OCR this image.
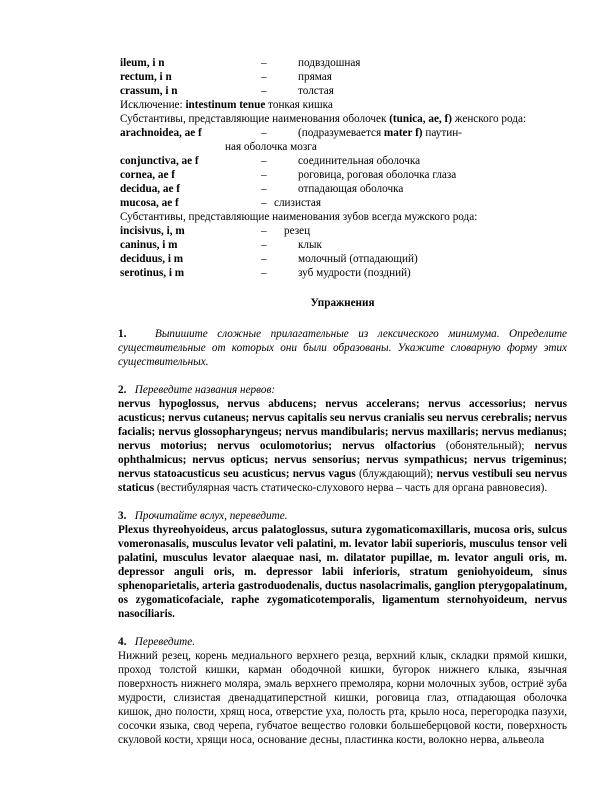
ileum, i n	–	подвздошная
rectum, i n	–	прямая
crassum, i n	–	толстая
Исключение: intestinum tenue тонкая кишка
Субстантивы, представляющие наименования оболочек (tunica, ae, f) женского рода:
arachnoidea, ae f	–	(подразумевается mater f) паутин-
ная оболочка мозга
conjunctiva, ae f	–	соединительная оболочка
cornea, ae f	–	роговица, роговая оболочка глаза
decidua, ae f	–	отпадающая оболочка
mucosa, ae f	– слизистая
Субстантивы, представляющие наименования зубов всегда мужского рода:
incisivus, i, m	–	резец
caninus, i m	–	клык
deciduus, i m	–	молочный (отпадающий)
serotinus, i m	–	зуб мудрости (поздний)
Упражнения
1.	Выпишите сложные прилагательные из лексического минимума. Определите существительные от которых они были образованы. Укажите словарную форму этих существительных.
2. Переведите названия нервов:
nervus hypoglossus, nervus abducens; nervus accelerans; nervus accessorius; nervus acusticus; nervus cutaneus; nervus capitalis seu nervus cranialis seu nervus cerebralis; nervus facialis; nervus glossopharyngeus; nervus mandibularis; nervus maxillaris; nervus medianus; nervus motorius; nervus oculomotorius; nervus olfactorius (обонятельный); nervus ophthalmicus; nervus opticus; nervus sensorius; nervus sympathicus; nervus trigeminus; nervus statoacusticus seu acusticus; nervus vagus (блуждающий); nervus vestibuli seu nervus staticus (вестибулярная часть статическо-слухового нерва – часть для органа равновесия).
3. Прочитайте вслух, переведите.
Plexus thyreohyoideus, arcus palatoglossus, sutura zygomaticomaxillaris, mucosa oris, sulcus vomeronasalis, musculus levator veli palatini, m. levator labii superioris, musculus tensor veli palatini, musculus levator alaequae nasi, m. dilatator pupillae, m. levator anguli oris, m. depressor anguli oris, m. depressor labii inferioris, stratum geniohyoideum, sinus sphenoparietalis, arteria gastroduodenalis, ductus nasolacrimalis, ganglion pterygopalatinum, os zygomaticofaciale, raphe zygomaticotemporalis, ligamentum sternohyoideum, nervus nasociliaris.
4. Переведите.
Нижний резец, корень медиального верхнего резца, верхний клык, складки прямой кишки, проход толстой кишки, карман ободочной кишки, бугорок нижнего клыка, язычная поверхность нижнего моляра, эмаль верхнего премоляра, корни молочных зубов, остриё зуба мудрости, слизистая двенадцатиперстной кишки, роговица глаз, отпадающая оболочка кишок, дно полости, хрящ носа, отверстие уха, полость рта, крыло носа, перегородка пазухи, сосочки языка, свод черепа, губчатое вещество головки большеберцовой кости, поверхность скуловой кости, хрящи носа, основание десны, пластинка кости, волокно нерва, альвеола
